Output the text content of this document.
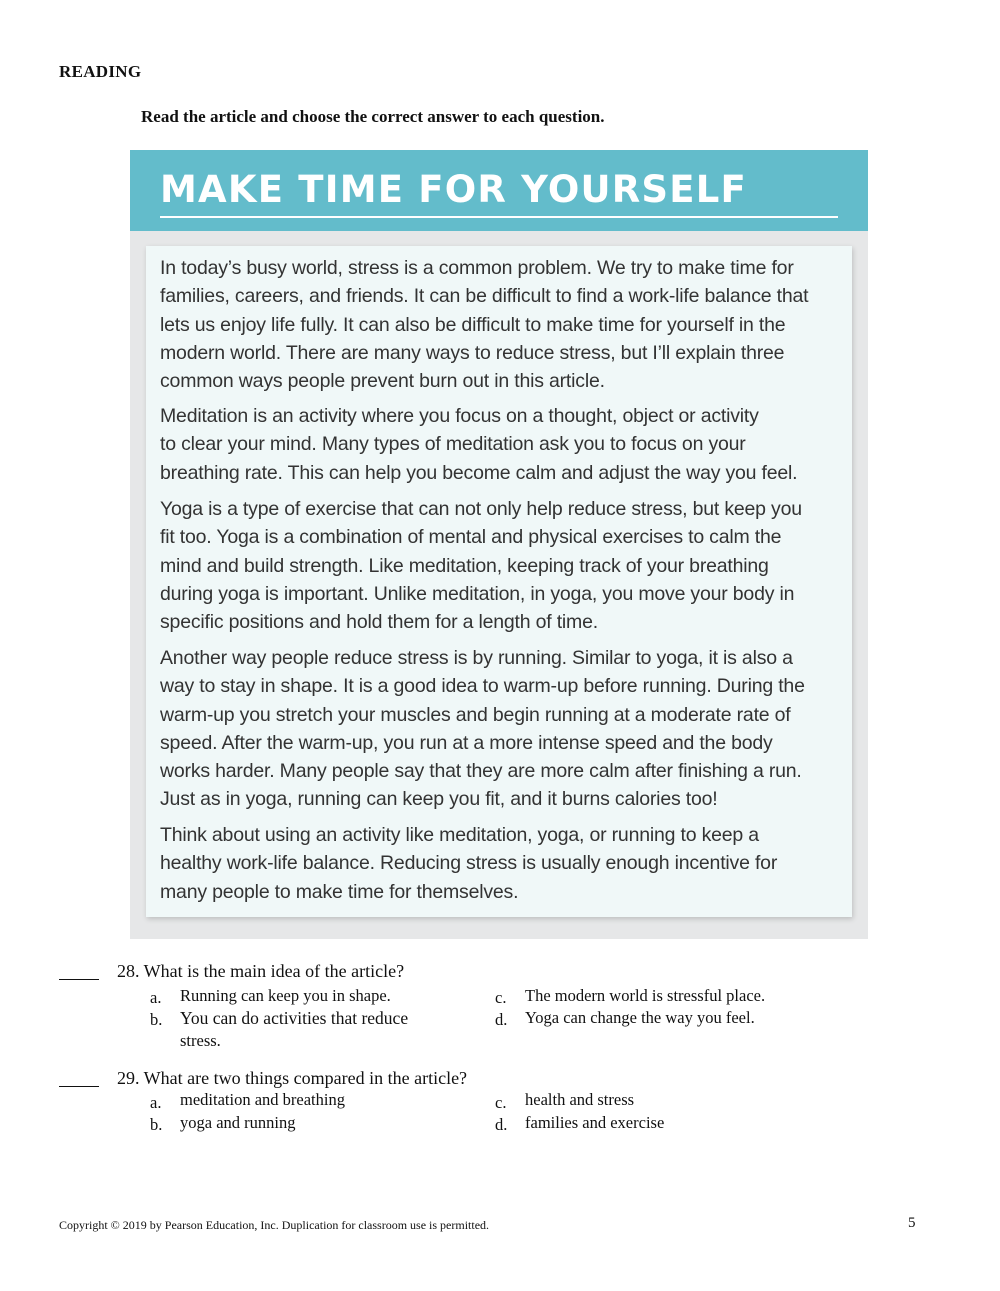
READING
Read the article and choose the correct answer to each question.
MAKE TIME FOR YOURSELF

In today’s busy world, stress is a common problem. We try to make time for
families, careers, and friends. It can be difficult to find a work-life balance that
lets us enjoy life fully. It can also be difficult to make time for yourself in the
modern world. There are many ways to reduce stress, but I’ll explain three
common ways people prevent burn out in this article.

Meditation is an activity where you focus on a thought, object or activity
to clear your mind. Many types of meditation ask you to focus on your
breathing rate. This can help you become calm and adjust the way you feel.

Yoga is a type of exercise that can not only help reduce stress, but keep you
fit too. Yoga is a combination of mental and physical exercises to calm the
mind and build strength. Like meditation, keeping track of your breathing
during yoga is important. Unlike meditation, in yoga, you move your body in
specific positions and hold them for a length of time.

Another way people reduce stress is by running. Similar to yoga, it is also a
way to stay in shape. It is a good idea to warm-up before running. During the
warm-up you stretch your muscles and begin running at a moderate rate of
speed. After the warm-up, you run at a more intense speed and the body
works harder. Many people say that they are more calm after finishing a run.
Just as in yoga, running can keep you fit, and it burns calories too!

Think about using an activity like meditation, yoga, or running to keep a
healthy work-life balance. Reducing stress is usually enough incentive for
many people to make time for themselves.

28. What is the main idea of the article?
a. Running can keep you in shape.
b. You can do activities that reduce
stress.
c. The modern world is stressful place.
d. Yoga can change the way you feel.
29. What are two things compared in the article?
a. meditation and breathing
b. yoga and running
c. health and stress
d. families and exercise
Copyright © 2019 by Pearson Education, Inc. Duplication for classroom use is permitted.	5
